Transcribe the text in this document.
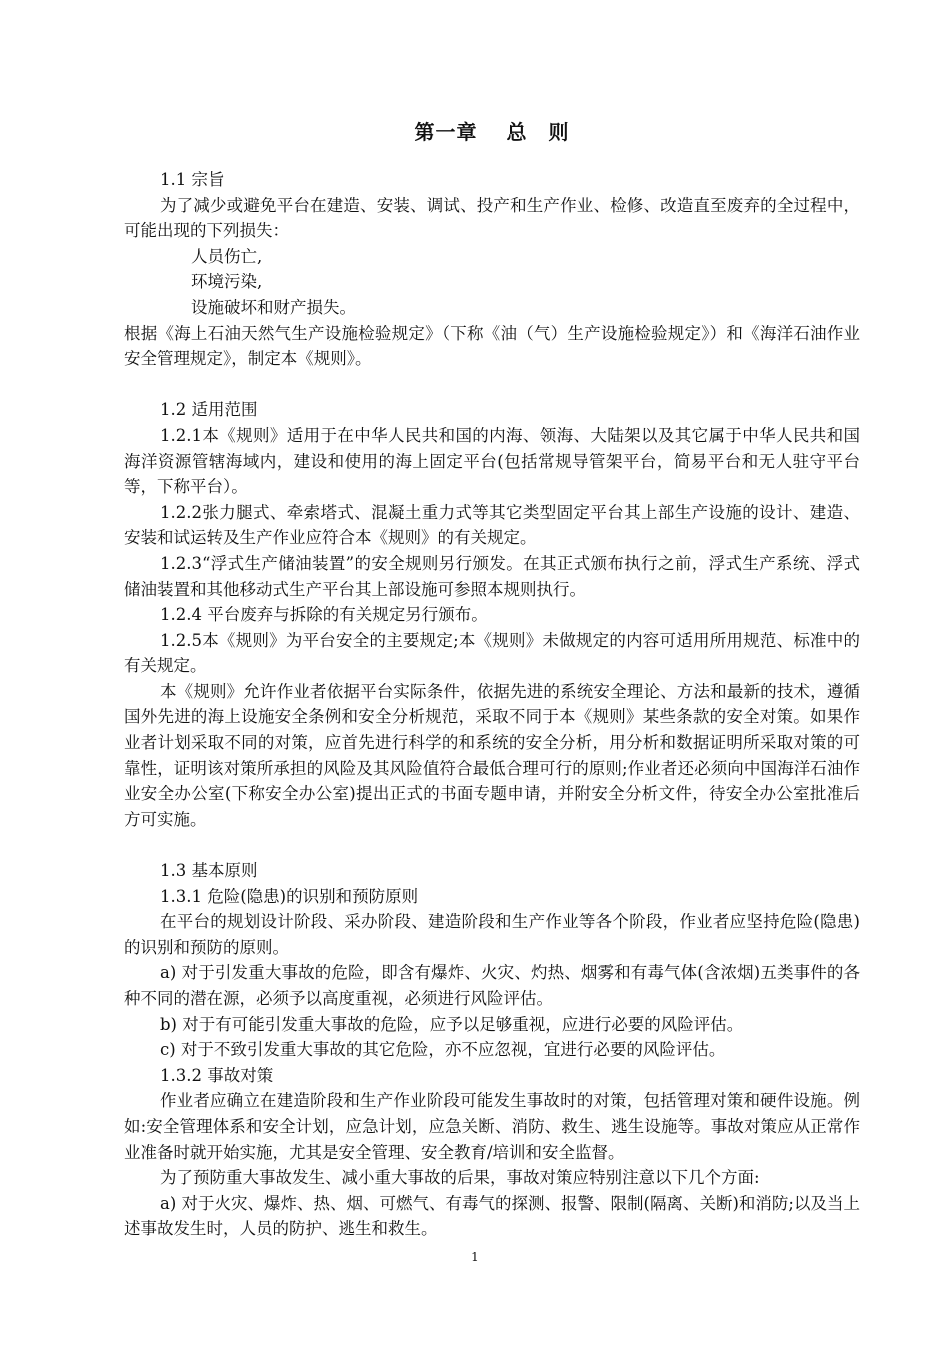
第一章　 总　则

1.1 宗旨

为了减少或避免平台在建造、安装、调试、投产和生产作业、检修、改造直至废弃的全过程中，可能出现的下列损失：

人员伤亡,

环境污染,

设施破坏和财产损失。

根据《海上石油天然气生产设施检验规定》（下称《油（气）生产设施检验规定》）和《海洋石油作业安全管理规定》，制定本《规则》。

1.2 适用范围

1.2.1本《规则》适用于在中华人民共和国的内海、领海、大陆架以及其它属于中华人民共和国海洋资源管辖海域内，建设和使用的海上固定平台(包括常规导管架平台，简易平台和无人驻守平台等，下称平台）。

1.2.2张力腿式、牵索塔式、混凝土重力式等其它类型固定平台其上部生产设施的设计、建造、安装和试运转及生产作业应符合本《规则》的有关规定。

1.2.3“浮式生产储油装置”的安全规则另行颁发。在其正式颁布执行之前，浮式生产系统、浮式储油装置和其他移动式生产平台其上部设施可参照本规则执行。

1.2.4 平台废弃与拆除的有关规定另行颁布。

1.2.5本《规则》为平台安全的主要规定;本《规则》未做规定的内容可适用所用规范、标准中的有关规定。

本《规则》允许作业者依据平台实际条件，依据先进的系统安全理论、方法和最新的技术，遵循国外先进的海上设施安全条例和安全分析规范，采取不同于本《规则》某些条款的安全对策。如果作业者计划采取不同的对策，应首先进行科学的和系统的安全分析，用分析和数据证明所采取对策的可靠性，证明该对策所承担的风险及其风险值符合最低合理可行的原则;作业者还必须向中国海洋石油作业安全办公室(下称安全办公室)提出正式的书面专题申请，并附安全分析文件，待安全办公室批准后方可实施。

1.3 基本原则

1.3.1 危险(隐患)的识别和预防原则

在平台的规划设计阶段、采办阶段、建造阶段和生产作业等各个阶段，作业者应坚持危险(隐患)的识别和预防的原则。

a) 对于引发重大事故的危险，即含有爆炸、火灾、灼热、烟雾和有毒气体(含浓烟)五类事件的各种不同的潜在源，必须予以高度重视，必须进行风险评估。

b) 对于有可能引发重大事故的危险，应予以足够重视，应进行必要的风险评估。

c) 对于不致引发重大事故的其它危险，亦不应忽视，宜进行必要的风险评估。

1.3.2 事故对策

作业者应确立在建造阶段和生产作业阶段可能发生事故时的对策，包括管理对策和硬件设施。例如:安全管理体系和安全计划，应急计划，应急关断、消防、救生、逃生设施等。事故对策应从正常作业准备时就开始实施，尤其是安全管理、安全教育/培训和安全监督。

为了预防重大事故发生、减小重大事故的后果，事故对策应特别注意以下几个方面:

a) 对于火灾、爆炸、热、烟、可燃气、有毒气的探测、报警、限制(隔离、关断)和消防;以及当上述事故发生时，人员的防护、逃生和救生。

1
